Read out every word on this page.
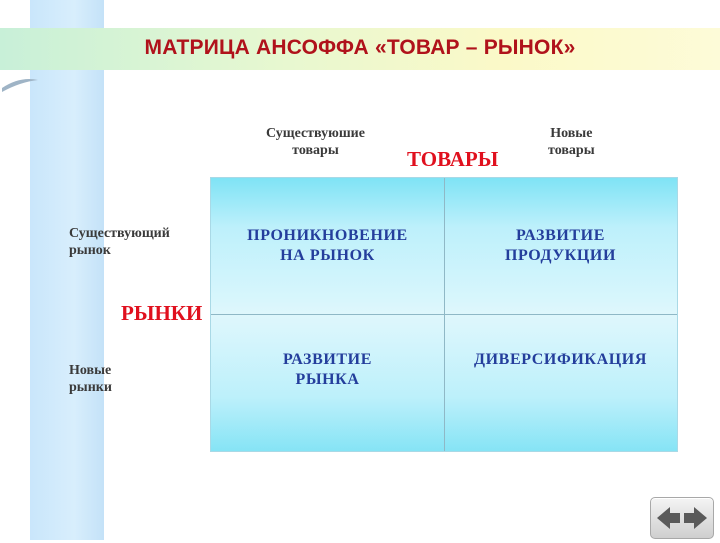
МАТРИЦА АНСОФФА «ТОВАР – РЫНОК»
Существуюшие
товары
Новые
товары
ТОВАРЫ
Существующий
рынок
РЫНКИ
Новые
рынки
ПРОНИКНОВЕНИЕ
НА РЫНОК
РАЗВИТИЕ
ПРОДУКЦИИ
РАЗВИТИЕ
РЫНКА
ДИВЕРСИФИКАЦИЯ
